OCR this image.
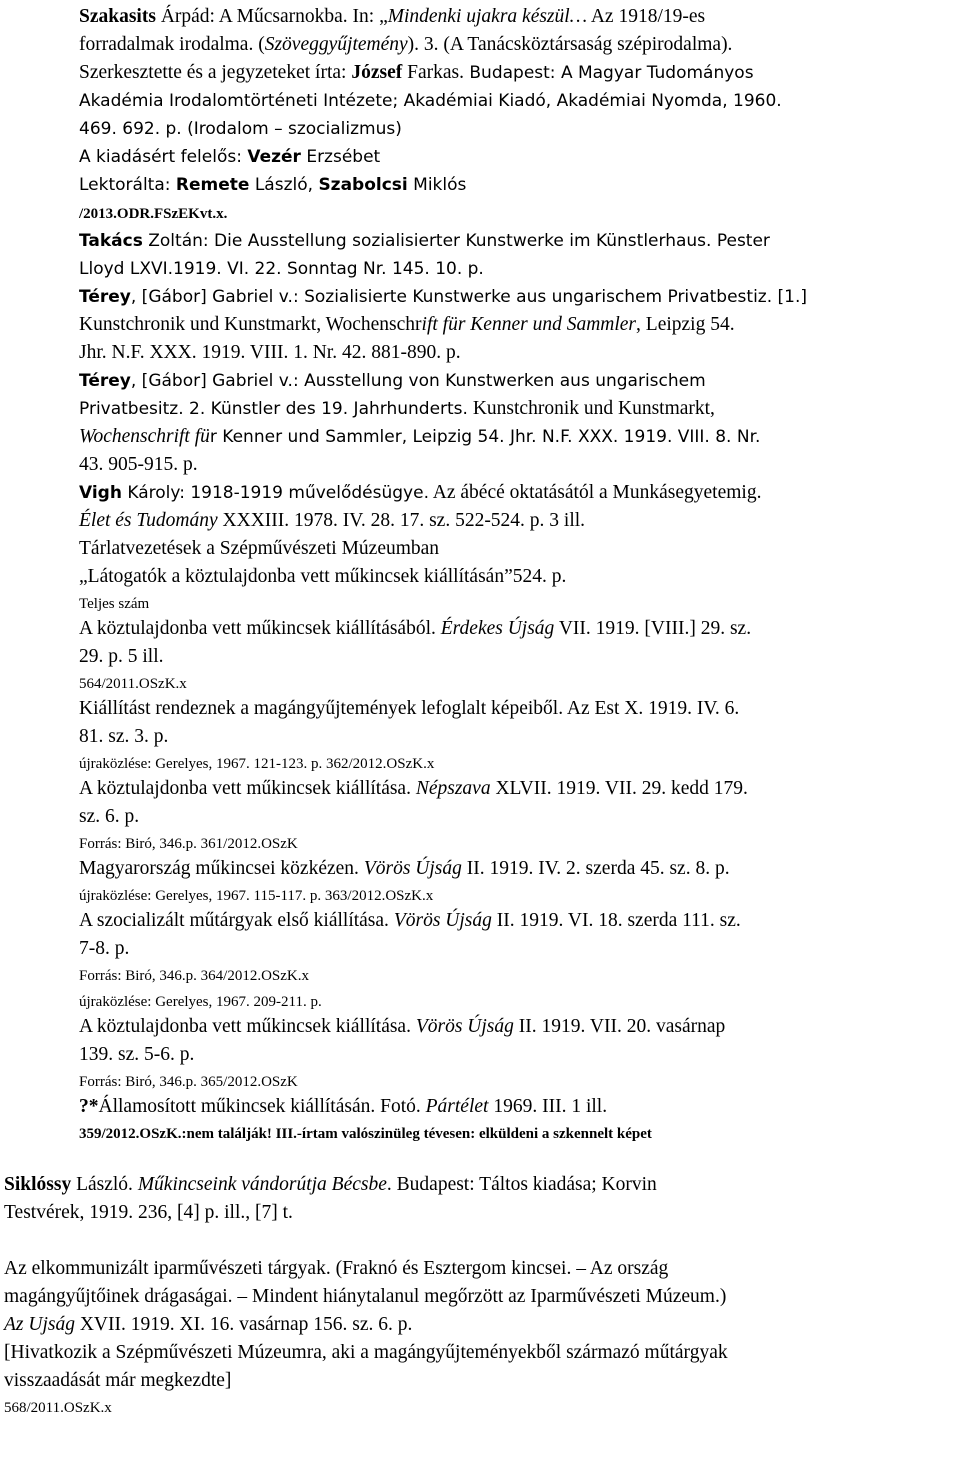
Szakasits Árpád: A Műcsarnokba. In: „Mindenki ujakra készül… Az 1918/19-es
forradalmak irodalma. (Szöveggyűjtemény). 3. (A Tanácsköztársaság szépirodalma).
Szerkesztette és a jegyzeteket írta: József Farkas. Budapest: A Magyar Tudományos
Akadémia Irodalomtörténeti Intézete; Akadémiai Kiadó, Akadémiai Nyomda, 1960.
469. 692. p. (Irodalom – szocializmus)
A kiadásért felelős: Vezér Erzsébet
Lektorálta: Remete László, Szabolcsi Miklós
/2013.ODR.FSzEKvt.x.
Takács Zoltán: Die Ausstellung sozialisierter Kunstwerke im Künstlerhaus. Pester
Lloyd LXVI.1919. VI. 22. Sonntag Nr. 145. 10. p.
Térey, [Gábor] Gabriel v.: Sozialisierte Kunstwerke aus ungarischem Privatbestiz. [1.]
Kunstchronik und Kunstmarkt, Wochenschrift für Kenner und Sammler, Leipzig 54.
Jhr. N.F. XXX. 1919. VIII. 1. Nr. 42. 881-890. p.
Térey, [Gábor] Gabriel v.: Ausstellung von Kunstwerken aus ungarischem
Privatbesitz. 2. Künstler des 19. Jahrhunderts. Kunstchronik und Kunstmarkt,
Wochenschrift für Kenner und Sammler, Leipzig 54. Jhr. N.F. XXX. 1919. VIII. 8. Nr.
43. 905-915. p.
Vigh Károly: 1918-1919 művelődésügye. Az ábécé oktatásától a Munkásegyetemig.
Élet és Tudomány XXXIII. 1978. IV. 28. 17. sz. 522-524. p. 3 ill.
Tárlatvezetések a Szépművészeti Múzeumban
„Látogatók a köztulajdonba vett műkincsek kiállításán”524. p.
Teljes szám
A köztulajdonba vett műkincsek kiállításából. Érdekes Újság VII. 1919. [VIII.] 29. sz.
29. p. 5 ill.
564/2011.OSzK.x
Kiállítást rendeznek a magángyűjtemények lefoglalt képeiből. Az Est X. 1919. IV. 6.
81. sz. 3. p.
újraközlése: Gerelyes, 1967. 121-123. p. 362/2012.OSzK.x
A köztulajdonba vett műkincsek kiállítása. Népszava XLVII. 1919. VII. 29. kedd 179.
sz. 6. p.
Forrás: Biró, 346.p. 361/2012.OSzK
Magyarország műkincsei közkézen. Vörös Újság II. 1919. IV. 2. szerda 45. sz. 8. p.
újraközlése: Gerelyes, 1967. 115-117. p. 363/2012.OSzK.x
A szocializált műtárgyak első kiállítása. Vörös Újság II. 1919. VI. 18. szerda 111. sz.
7-8. p.
Forrás: Biró, 346.p. 364/2012.OSzK.x
újraközlése: Gerelyes, 1967. 209-211. p.
A köztulajdonba vett műkincsek kiállítása. Vörös Újság II. 1919. VII. 20. vasárnap
139. sz. 5-6. p.
Forrás: Biró, 346.p. 365/2012.OSzK
?*Államosított műkincsek kiállításán. Fotó. Pártélet 1969. III. 1 ill.
359/2012.OSzK.:nem találják! III.-írtam valószinüleg tévesen: elküldeni a szkennelt képet
Siklóssy László. Műkincseink vándorútja Bécsbe. Budapest: Táltos kiadása; Korvin
Testvérek, 1919. 236, [4] p. ill., [7] t.
Az elkommunizált iparművészeti tárgyak. (Fraknó és Esztergom kincsei. – Az ország
magángyűjtőinek drágaságai. – Mindent hiánytalanul megőrzött az Iparművészeti Múzeum.)
Az Ujság XVII. 1919. XI. 16. vasárnap 156. sz. 6. p.
[Hivatkozik a Szépművészeti Múzeumra, aki a magángyűjteményekből származó műtárgyak
visszaadását már megkezdte]
568/2011.OSzK.x
